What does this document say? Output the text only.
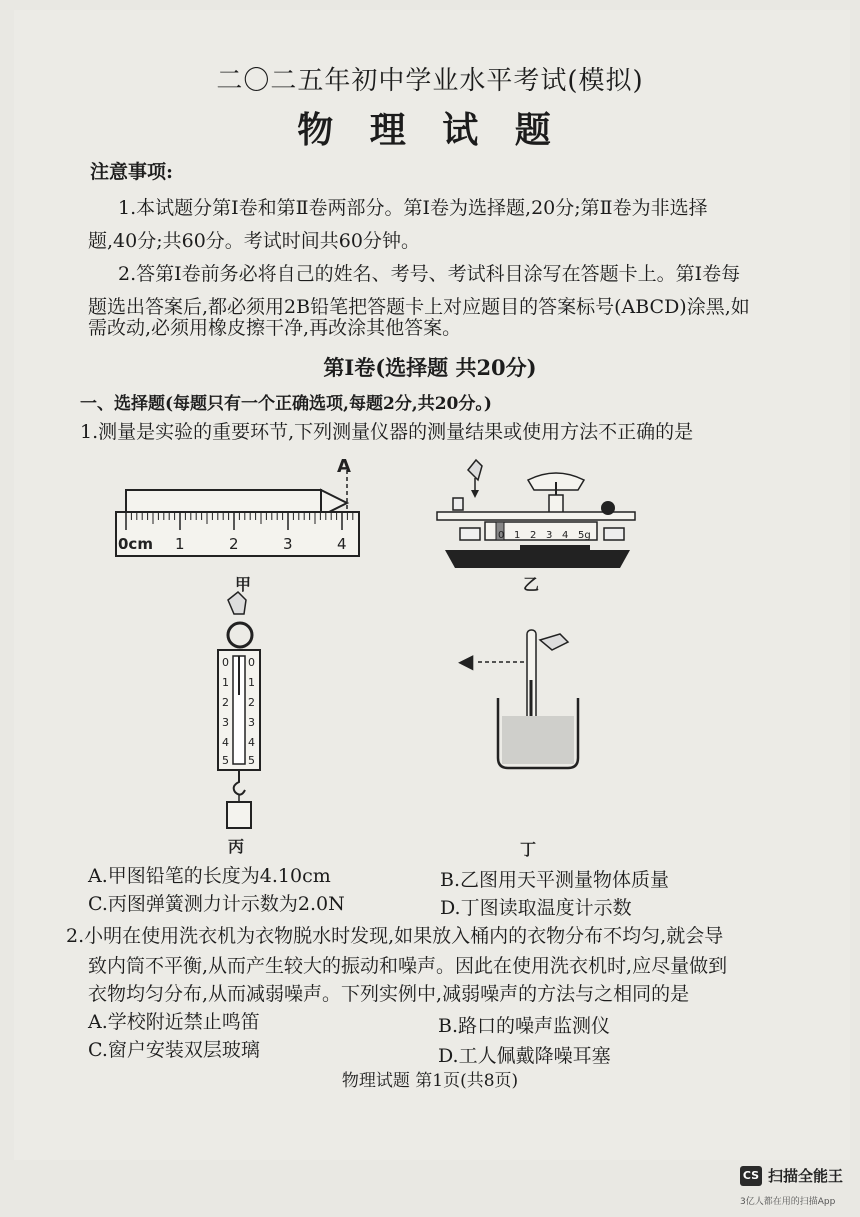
二〇二五年初中学业水平考试(模拟)
物 理 试 题
注意事项:
1.本试题分第Ⅰ卷和第Ⅱ卷两部分。第Ⅰ卷为选择题,20分;第Ⅱ卷为非选择
题,40分;共60分。考试时间共60分钟。
2.答第Ⅰ卷前务必将自己的姓名、考号、考试科目涂写在答题卡上。第Ⅰ卷每
题选出答案后,都必须用2B铅笔把答题卡上对应题目的答案标号(ABCD)涂黑,如
需改动,必须用橡皮擦干净,再改涂其他答案。
第Ⅰ卷(选择题 共20分)
一、选择题(每题只有一个正确选项,每题2分,共20分。)
1.测量是实验的重要环节,下列测量仪器的测量结果或使用方法不正确的是
A
0cm 1	2	3	4
甲
0 1 2 3 4 5g
乙
0
1
2
3
4
5
0
1
2
3
4
5
丙
◀
丁
A.甲图铅笔的长度为4.10cm	B.乙图用天平测量物体质量
C.丙图弹簧测力计示数为2.0N	D.丁图读取温度计示数
2.小明在使用洗衣机为衣物脱水时发现,如果放入桶内的衣物分布不均匀,就会导
致内筒不平衡,从而产生较大的振动和噪声。因此在使用洗衣机时,应尽量做到
衣物均匀分布,从而减弱噪声。下列实例中,减弱噪声的方法与之相同的是
A.学校附近禁止鸣笛	B.路口的噪声监测仪
C.窗户安装双层玻璃	D.工人佩戴降噪耳塞
物理试题 第1页(共8页)
CS 扫描全能王
3亿人都在用的扫描App
